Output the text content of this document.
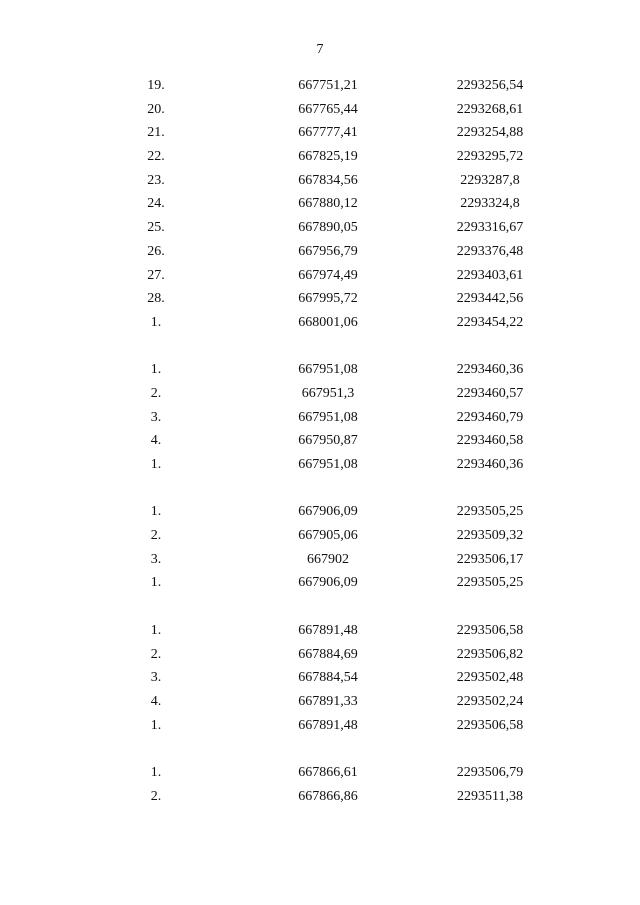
7
19.	667751,21	2293256,54
20.	667765,44	2293268,61
21.	667777,41	2293254,88
22.	667825,19	2293295,72
23.	667834,56	2293287,8
24.	667880,12	2293324,8
25.	667890,05	2293316,67
26.	667956,79	2293376,48
27.	667974,49	2293403,61
28.	667995,72	2293442,56
1.	668001,06	2293454,22
1.	667951,08	2293460,36
2.	667951,3	2293460,57
3.	667951,08	2293460,79
4.	667950,87	2293460,58
1.	667951,08	2293460,36
1.	667906,09	2293505,25
2.	667905,06	2293509,32
3.	667902	2293506,17
1.	667906,09	2293505,25
1.	667891,48	2293506,58
2.	667884,69	2293506,82
3.	667884,54	2293502,48
4.	667891,33	2293502,24
1.	667891,48	2293506,58
1.	667866,61	2293506,79
2.	667866,86	2293511,38
